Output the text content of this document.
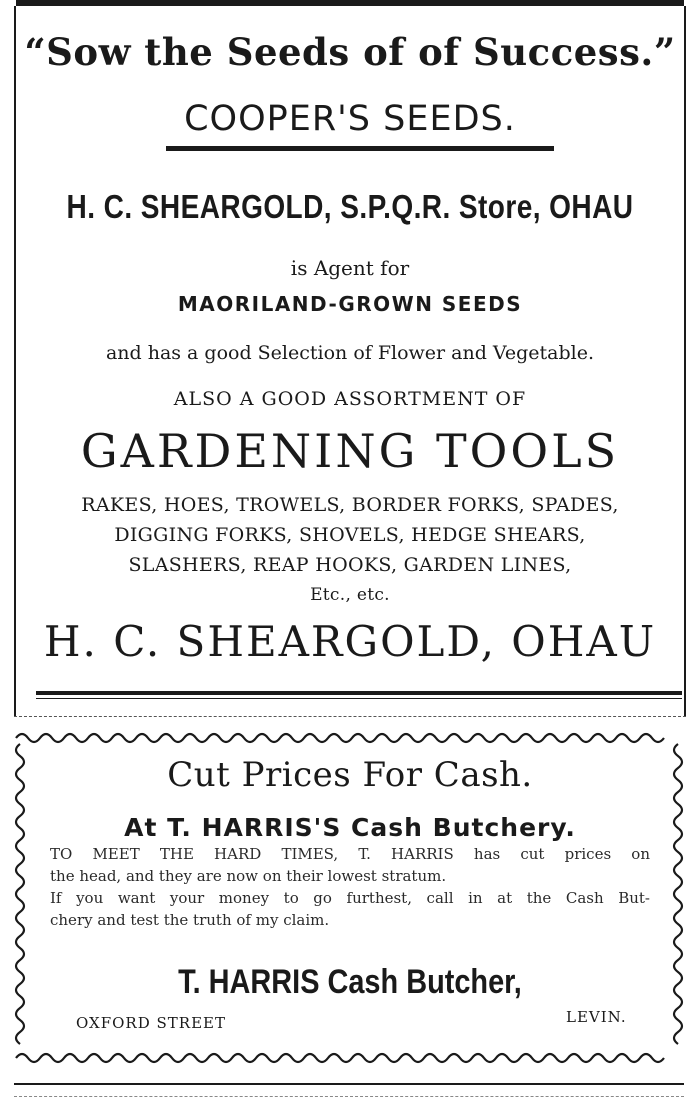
“Sow the Seeds of of Success.”
COOPER'S SEEDS.
H. C. SHEARGOLD, S.P.Q.R. Store, OHAU
is Agent for
MAORILAND-GROWN SEEDS
and has a good Selection of Flower and Vegetable.
ALSO A GOOD ASSORTMENT OF
GARDENING TOOLS
RAKES, HOES, TROWELS, BORDER FORKS, SPADES,
DIGGING FORKS, SHOVELS, HEDGE SHEARS,
SLASHERS, REAP HOOKS, GARDEN LINES,
Etc., etc.
H. C. SHEARGOLD, OHAU
Cut Prices For Cash.
At T. HARRIS'S Cash Butchery.
TO MEET THE HARD TIMES, T. HARRIS has cut prices on
the head, and they are now on their lowest stratum.
If you want your money to go furthest, call in at the Cash But-
chery and test the truth of my claim.
T. HARRIS Cash Butcher,
OXFORD STREET	LEVIN.
